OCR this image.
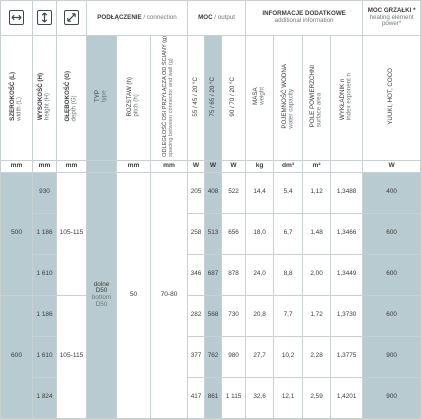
	PODŁĄCZENIE / connection			MOC / output			INFORMACJE DODATKOWE
additional information				MOC GRZAŁKI *
heating element power*
SZEROKOŚĆ (L)
width (L)	WYSOKOŚĆ (H)
height (H)	GŁĘBOKOŚĆ (G)
depth (G)	TYP
type	ROZSTAW (h)
pitch (h)	ODLEGŁOŚĆ OSI PRZYŁĄCZA OD ŚCIANY (g)
spacing between connector and wall (g)	55 / 45 / 20 °C	75 / 65 / 20 °C	90 / 70 / 20 °C	MASA
weight	POJEMNOŚĆ WODNA
water capacity	POLE POWIERZCHNI
surface area	WYKŁADNIK n
index exponent n	YUUKI, HOT, COCO
mm	mm	mm		mm	mm	W	W	W	kg	dm³	m²		W
500	930	105-115	dolne
D50
bottom
D50	50	70-80	205	408	522	14,4	5,4	1,12	1,3488	400
	1 186					258	513	656	18,0	6,7	1,48	1,3466	600
	1 610					346	687	878	24,0	8,8	2,00	1,3449	600
600	1 186	105-115				282	568	730	20,8	7,7	1,72	1,3730	600
	1 610					377	762	980	27,7	10,2	2,28	1,3775	900
	1 824					417	861	1 115	32,6	12,1	2,59	1,4201	900
